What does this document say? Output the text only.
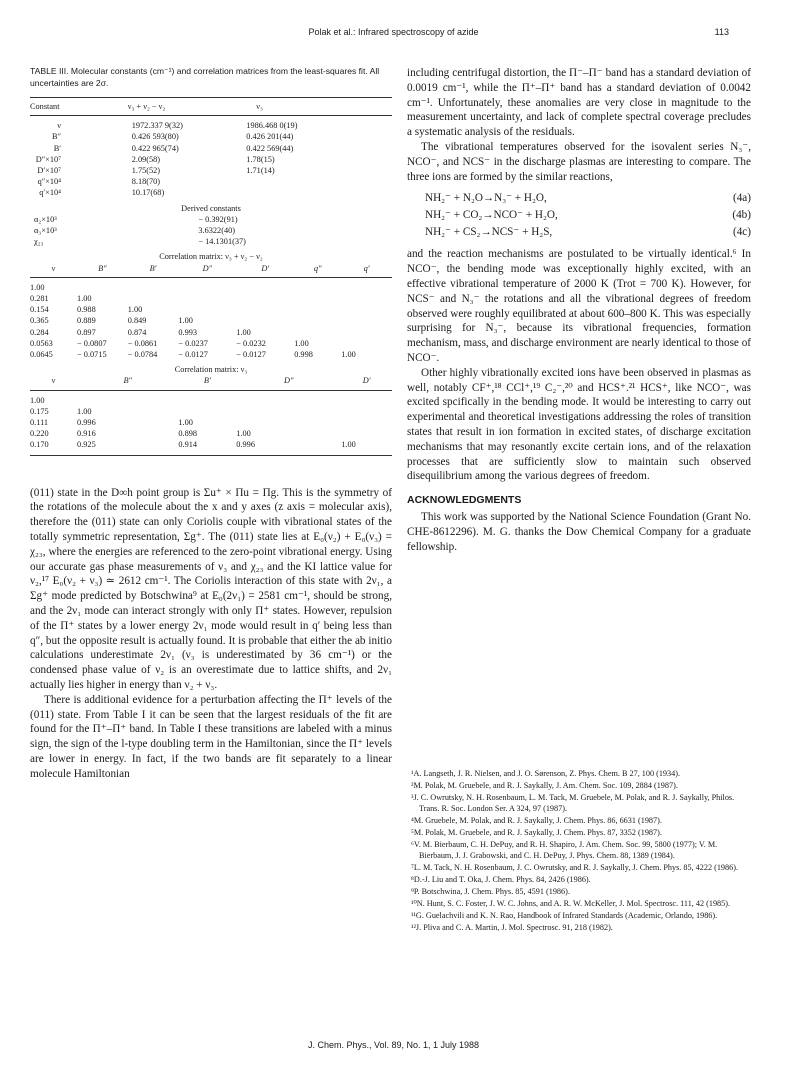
Polak et al.: Infrared spectroscopy of azide	113
TABLE III. Molecular constants (cm⁻¹) and correlation matrices from the least-squares fit. All uncertainties are 2σ.
Constant		ν₃ + ν₂ − ν₂		ν₃		
ν		1972.337 9(32)		1986.468 0(19)		
B″		0.426 593(80)		0.426 201(44)		
B′		0.422 965(74)		0.422 569(44)		
D″×10⁷		2.09(58)		1.78(15)		
D′×10⁷		1.75(52)		1.71(14)		
q″×10⁴		8.18(70)				
q′×10⁴		10.17(68)				
Derived constants						
α₂×10³			− 0.392(91)			
α₃×10³			3.6322(40)			
χ₂₃			− 14.1301(37)			
Correlation matrix: ν₃ + ν₂ − ν₂						
ν	B″	B′	D″	D′	q″	q′
1.00						
0.281	1.00					
0.154	0.988	1.00				
0.365	0.889	0.849	1.00			
0.284	0.897	0.874	0.993	1.00		
0.0563	− 0.0807	− 0.0861	− 0.0237	− 0.0232	1.00	
0.0645	− 0.0715	− 0.0784	− 0.0127	− 0.0127	0.998	1.00
Correlation matrix: ν₃						
ν	B″		B′	D″		D′
1.00						
0.175	1.00					
0.111	0.996		1.00			
0.220	0.916		0.898	1.00		
0.170	0.925		0.914	0.996		1.00

(011) state in the D∞h point group is Σu⁺ × Πu = Πg. This is the symmetry of the rotations of the molecule about the x and y axes (z axis = molecular axis), therefore the (011) state can only Coriolis couple with vibrational states of the totally symmetric representation, Σg⁺. The (011) state lies at E₀(ν₂) + E₀(ν₃) = χ₂₃, where the energies are referenced to the zero-point vibrational energy. Using our accurate gas phase measurements of ν₃ and χ₂₃ and the KI lattice value for ν₂,¹⁷ E₀(ν₂ + ν₃) ≃ 2612 cm⁻¹. The Coriolis interaction of this state with 2ν₁, a Σg⁺ mode predicted by Botschwina⁹ at E₀(2ν₁) = 2581 cm⁻¹, should be strong, and the 2ν₁ mode can interact strongly with only Π⁺ states. However, repulsion of the Π⁺ states by a lower energy 2ν₁ mode would result in q′ being less than q″, but the opposite result is actually found. It is probable that either the ab initio calculations underestimate 2ν₁ (ν₃ is underestimated by 36 cm⁻¹) or the condensed phase value of ν₂ is an overestimate due to lattice shifts, and 2ν₁ actually lies higher in energy than ν₂ + ν₃.

There is additional evidence for a perturbation affecting the Π⁺ levels of the (011) state. From Table I it can be seen that the largest residuals of the fit are found for the Π⁺–Π⁺ band. In Table I these transitions are labeled with a minus sign, the sign of the l-type doubling term in the Hamiltonian, since the Π⁺ levels are lower in energy. In fact, if the two bands are fit separately to a linear molecule Hamiltonian

including centrifugal distortion, the Π⁻–Π⁻ band has a standard deviation of 0.0019 cm⁻¹, while the Π⁺–Π⁺ band has a standard deviation of 0.0042 cm⁻¹. Unfortunately, these anomalies are very close in magnitude to the measurement uncertainty, and lack of complete spectral coverage precludes a systematic analysis of the residuals.

The vibrational temperatures observed for the isovalent series N₃⁻, NCO⁻, and NCS⁻ in the discharge plasmas are interesting to compare. The three ions are formed by the similar reactions,

NH₂⁻ + N₂O→N₃⁻ + H₂O,	(4a)
NH₂⁻ + CO₂→NCO⁻ + H₂O,	(4b)
NH₂⁻ + CS₂→NCS⁻ + H₂S,	(4c)

and the reaction mechanisms are postulated to be virtually identical.⁶ In NCO⁻, the bending mode was exceptionally highly excited, with an effective vibrational temperature of 2000 K (Trot = 700 K). However, for NCS⁻ and N₃⁻ the rotations and all the vibrational degrees of freedom observed were roughly equilibrated at about 600–800 K. This was especially surprising for N₃⁻, because its vibrational frequencies, formation mechanism, mass, and discharge environment are nearly identical to those of NCO⁻.

Other highly vibrationally excited ions have been observed in plasmas as well, notably CF⁺,¹⁸ CCl⁺,¹⁹ C₂⁻,²⁰ and HCS⁺.²¹ HCS⁺, like NCO⁻, was excited spcifically in the bending mode. It would be interesting to carry out experimental and theoretical investigations addressing the roles of transition states that result in ion formation in excited states, of discharge excitation mechanisms that may resonantly excite certain ions, and of the relaxation processes that are sufficiently slow to maintain such observed disequilibrium among the various degrees of freedom.

ACKNOWLEDGMENTS

This work was supported by the National Science Foundation (Grant No. CHE-8612296). M. G. thanks the Dow Chemical Company for a graduate fellowship.

¹A. Langseth, J. R. Nielsen, and J. O. Sørenson, Z. Phys. Chem. B 27, 100 (1934).
²M. Polak, M. Gruebele, and R. J. Saykally, J. Am. Chem. Soc. 109, 2884 (1987).
³J. C. Owrutsky, N. H. Rosenbaum, L. M. Tack, M. Gruebele, M. Polak, and R. J. Saykally, Philos. Trans. R. Soc. London Ser. A 324, 97 (1987).
⁴M. Gruebele, M. Polak, and R. J. Saykally, J. Chem. Phys. 86, 6631 (1987).
⁵M. Polak, M. Gruebele, and R. J. Saykally, J. Chem. Phys. 87, 3352 (1987).
⁶V. M. Bierbaum, C. H. DePuy, and R. H. Shapiro, J. Am. Chem. Soc. 99, 5800 (1977); V. M. Bierbaum, J. J. Grabowski, and C. H. DePuy, J. Phys. Chem. 88, 1389 (1984).
⁷L. M. Tack, N. H. Rosenbaum, J. C. Owrutsky, and R. J. Saykally, J. Chem. Phys. 85, 4222 (1986).
⁸D.-J. Liu and T. Oka, J. Chem. Phys. 84, 2426 (1986).
⁹P. Botschwina, J. Chem. Phys. 85, 4591 (1986).
¹⁰N. Hunt, S. C. Foster, J. W. C. Johns, and A. R. W. McKeller, J. Mol. Spectrosc. 111, 42 (1985).
¹¹G. Guelachvili and K. N. Rao, Handbook of Infrared Standards (Academic, Orlando, 1986).
¹²J. Pliva and C. A. Martin, J. Mol. Spectrosc. 91, 218 (1982).
J. Chem. Phys., Vol. 89, No. 1, 1 July 1988
